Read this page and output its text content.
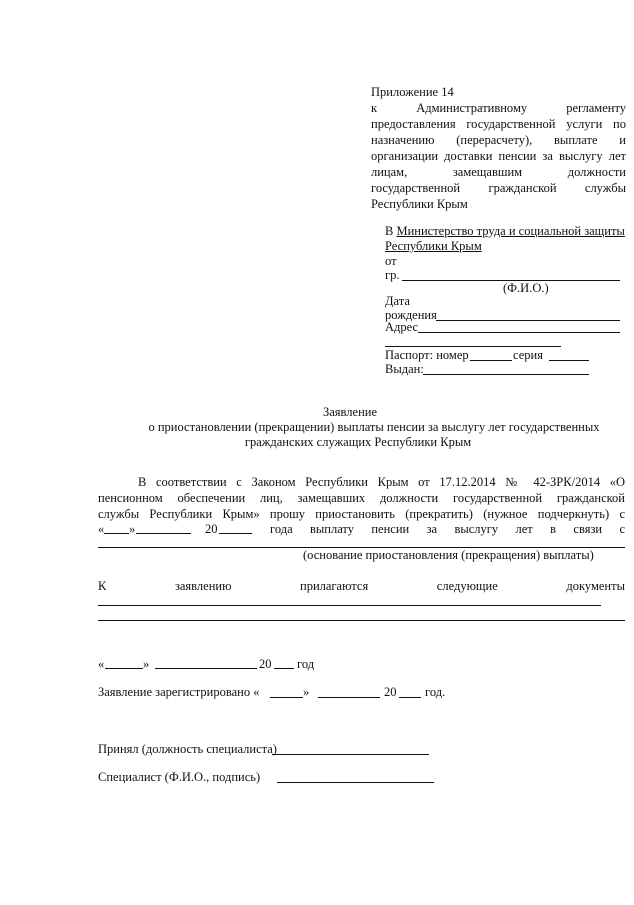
Приложение 14
к Административному регламенту
предоставления государственной услуги по
назначению (перерасчету), выплате и
организации доставки пенсии за выслугу лет
лицам, замещавшим должности
государственной гражданской службы
Республики Крым
В Министерство труда и социальной защиты
Республики Крым
от
гр.
(Ф.И.О.)
Дата
рождения
Адрес
Паспорт: номер	серия
Выдан:
Заявление
о приостановлении (прекращении) выплаты пенсии за выслугу лет государственных
гражданских служащих Республики Крым
В соответствии с Законом Республики Крым от 17.12.2014 № 42-ЗРК/2014 «О
пенсионном обеспечении лиц, замещавших должности государственной гражданской
службы Республики Крым» прошу приостановить (прекратить) (нужное подчеркнуть) с
« »	20	года выплату пенсии за выслугу лет в связи с
(основание приостановления (прекращения) выплаты)
К	заявлению	прилагаются	следующие	документы
«	»	20 год
Заявление зарегистрировано «	»	20 год.
Принял (должность специалиста)
Специалист (Ф.И.О., подпись)
